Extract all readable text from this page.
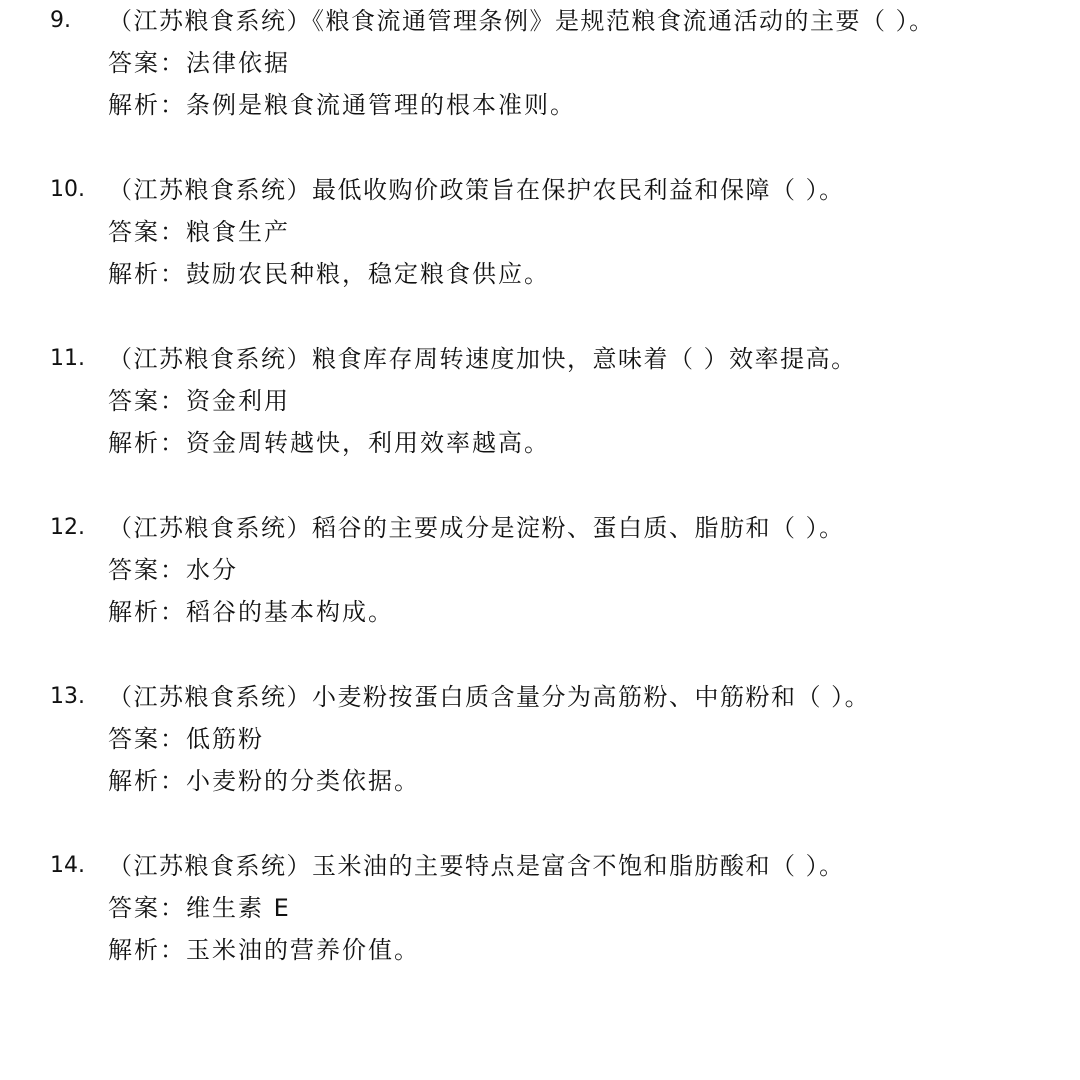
9. （江苏粮食系统）《粮食流通管理条例》是规范粮食流通活动的主要（ ）。
答案：法律依据
解析：条例是粮食流通管理的根本准则。
10. （江苏粮食系统）最低收购价政策旨在保护农民利益和保障（ ）。
答案：粮食生产
解析：鼓励农民种粮，稳定粮食供应。
11. （江苏粮食系统）粮食库存周转速度加快，意味着（ ）效率提高。
答案：资金利用
解析：资金周转越快，利用效率越高。
12. （江苏粮食系统）稻谷的主要成分是淀粉、蛋白质、脂肪和（ ）。
答案：水分
解析：稻谷的基本构成。
13. （江苏粮食系统）小麦粉按蛋白质含量分为高筋粉、中筋粉和（ ）。
答案：低筋粉
解析：小麦粉的分类依据。
14. （江苏粮食系统）玉米油的主要特点是富含不饱和脂肪酸和（ ）。
答案：维生素 E
解析：玉米油的营养价值。
